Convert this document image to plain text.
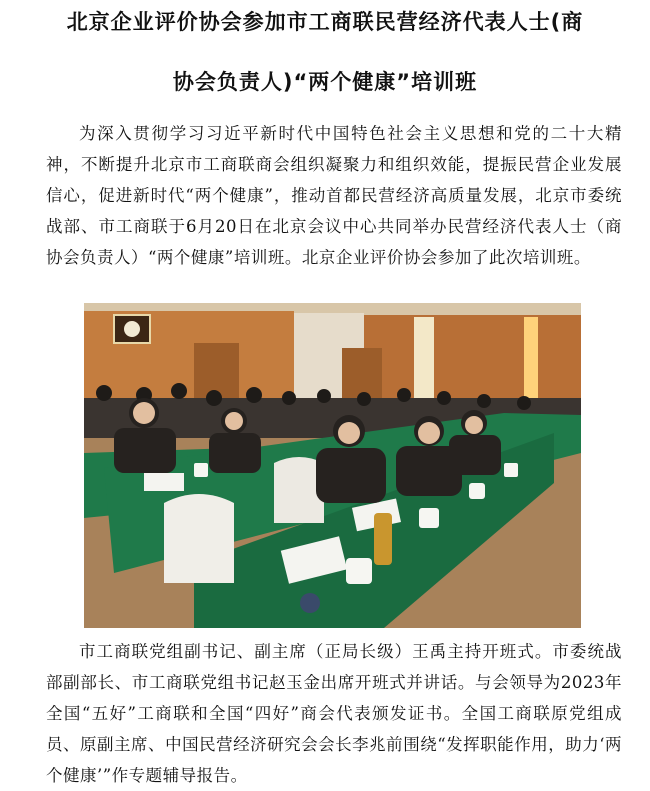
北京企业评价协会参加市工商联民营经济代表人士(商
协会负责人)“两个健康”培训班

为深入贯彻学习习近平新时代中国特色社会主义思想和党的二十大精神，不断提升北京市工商联商会组织凝聚力和组织效能，提振民营企业发展信心，促进新时代“两个健康”，推动首都民营经济高质量发展，北京市委统战部、市工商联于6月20日在北京会议中心共同举办民营经济代表人士（商协会负责人）“两个健康”培训班。北京企业评价协会参加了此次培训班。

市工商联党组副书记、副主席（正局长级）王禹主持开班式。市委统战部副部长、市工商联党组书记赵玉金出席开班式并讲话。与会领导为2023年全国“五好”工商联和全国“四好”商会代表颁发证书。全国工商联原党组成员、原副主席、中国民营经济研究会会长李兆前围绕“发挥职能作用，助力‘两个健康’”作专题辅导报告。
